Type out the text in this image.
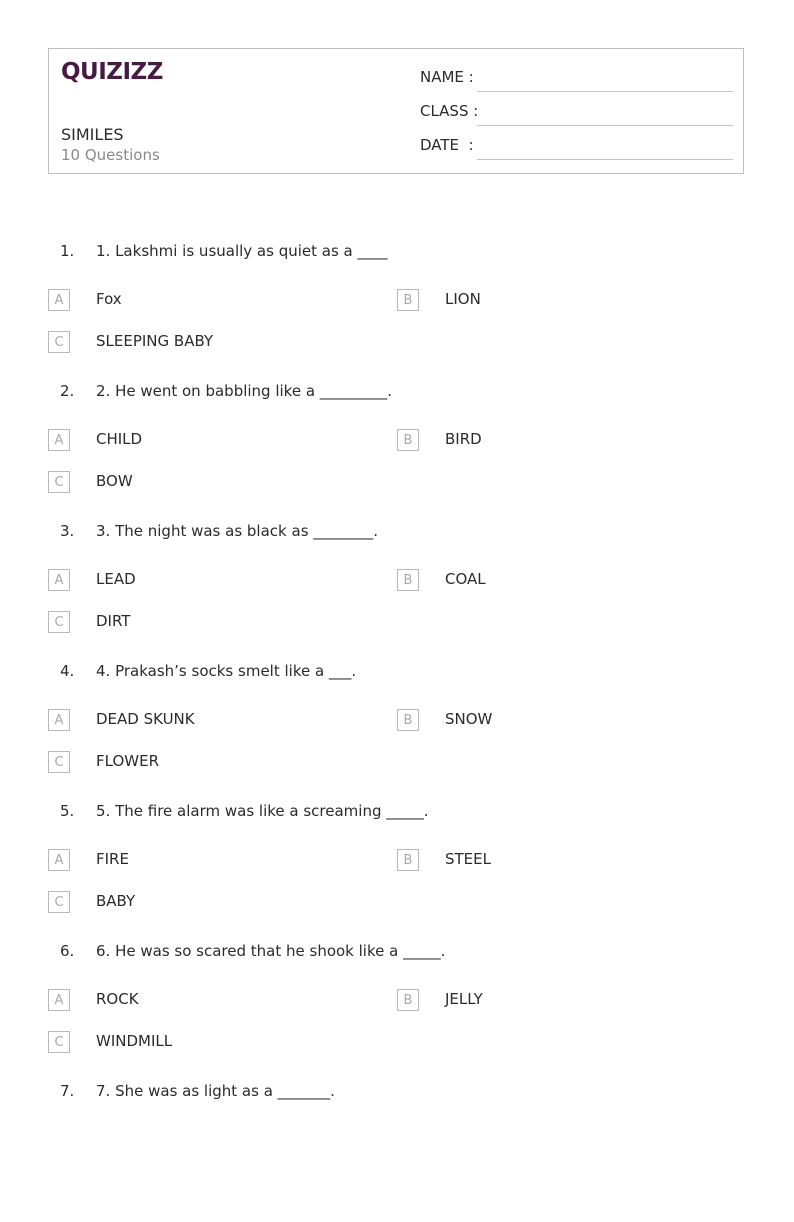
QUIZIZZ
SIMILES
10 Questions
NAME :
CLASS :
DATE  :
1. 1. Lakshmi is usually as quiet as a ____
A	Fox	B	LION
C	SLEEPING BABY
2. 2. He went on babbling like a _________.
A	CHILD	B	BIRD
C	BOW
3. 3. The night was as black as ________.
A	LEAD	B	COAL
C	DIRT
4. 4. Prakash’s socks smelt like a ___.
A	DEAD SKUNK	B	SNOW
C	FLOWER
5. 5. The fire alarm was like a screaming _____.
A	FIRE	B	STEEL
C	BABY
6. 6. He was so scared that he shook like a _____.
A	ROCK	B	JELLY
C	WINDMILL
7. 7. She was as light as a _______.
